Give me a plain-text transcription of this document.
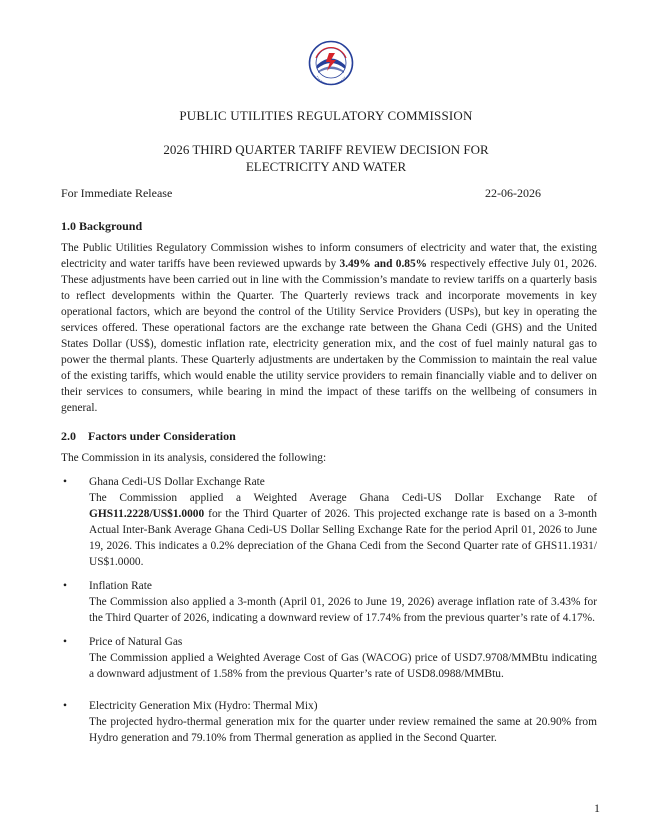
PUBLIC UTILITIES REGULATORY COMMISSION
2026 THIRD QUARTER TARIFF REVIEW DECISION FOR
ELECTRICITY AND WATER
For Immediate Release	22-06-2026
1.0 Background

The Public Utilities Regulatory Commission wishes to inform consumers of electricity and water that, the existing electricity and water tariffs have been reviewed upwards by 3.49% and 0.85% respectively effective July 01, 2026. These adjustments have been carried out in line with the Commission’s mandate to review tariffs on a quarterly basis to reflect developments within the Quarter. The Quarterly reviews track and incorporate movements in key operational factors, which are beyond the control of the Utility Service Providers (USPs), but key in operating the services offered. These operational factors are the exchange rate between the Ghana Cedi (GHS) and the United States Dollar (US$), domestic inflation rate, electricity generation mix, and the cost of fuel mainly natural gas to power the thermal plants. These Quarterly adjustments are undertaken by the Commission to maintain the real value of the existing tariffs, which would enable the utility service providers to remain financially viable and to deliver on their services to consumers, while bearing in mind the impact of these tariffs on the wellbeing of consumers in general.

2.0 Factors under Consideration

The Commission in its analysis, considered the following:

• Ghana Cedi-US Dollar Exchange Rate
The Commission applied a Weighted Average Ghana Cedi-US Dollar Exchange Rate of GHS11.2228/US$1.0000 for the Third Quarter of 2026. This projected exchange rate is based on a 3-month Actual Inter-Bank Average Ghana Cedi-US Dollar Selling Exchange Rate for the period April 01, 2026 to June 19, 2026. This indicates a 0.2% depreciation of the Ghana Cedi from the Second Quarter rate of GHS11.1931/ US$1.0000.
• Inflation Rate
The Commission also applied a 3-month (April 01, 2026 to June 19, 2026) average inflation rate of 3.43% for the Third Quarter of 2026, indicating a downward review of 17.74% from the previous quarter’s rate of 4.17%.
• Price of Natural Gas
The Commission applied a Weighted Average Cost of Gas (WACOG) price of USD7.9708/MMBtu indicating a downward adjustment of 1.58% from the previous Quarter’s rate of USD8.0988/MMBtu.
• Electricity Generation Mix (Hydro: Thermal Mix)
The projected hydro-thermal generation mix for the quarter under review remained the same at 20.90% from Hydro generation and 79.10% from Thermal generation as applied in the Second Quarter.
1
